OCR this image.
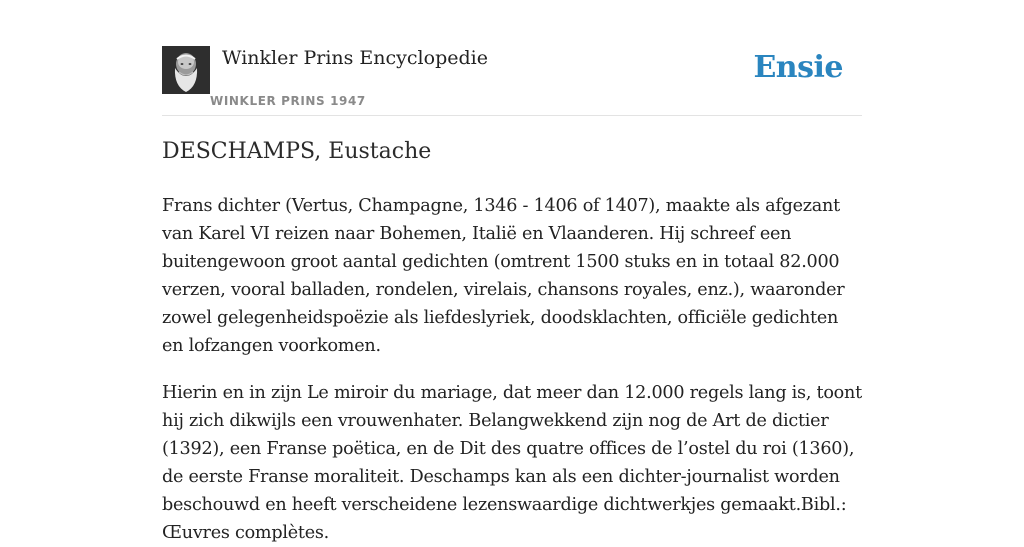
Winkler Prins Encyclopedie
WINKLER PRINS 1947
Ensie
DESCHAMPS, Eustache

Frans dichter (Vertus, Champagne, 1346 - 1406 of 1407), maakte als afgezant van Karel VI reizen naar Bohemen, Italië en Vlaanderen. Hij schreef een buitengewoon groot aantal gedichten (omtrent 1500 stuks en in totaal 82.000 verzen, vooral balladen, rondelen, virelais, chansons royales, enz.), waaronder zowel gelegenheidspoëzie als liefdeslyriek, doodsklachten, officiële gedichten en lofzangen voorkomen.

Hierin en in zijn Le miroir du mariage, dat meer dan 12.000 regels lang is, toont hij zich dikwijls een vrouwenhater. Belangwekkend zijn nog de Art de dictier (1392), een Franse poëtica, en de Dit des quatre offices de l’ostel du roi (1360), de eerste Franse moraliteit. Deschamps kan als een dichter-journalist worden beschouwd en heeft verscheidene lezenswaardige dichtwerkjes gemaakt.Bibl.: Œuvres complètes.
